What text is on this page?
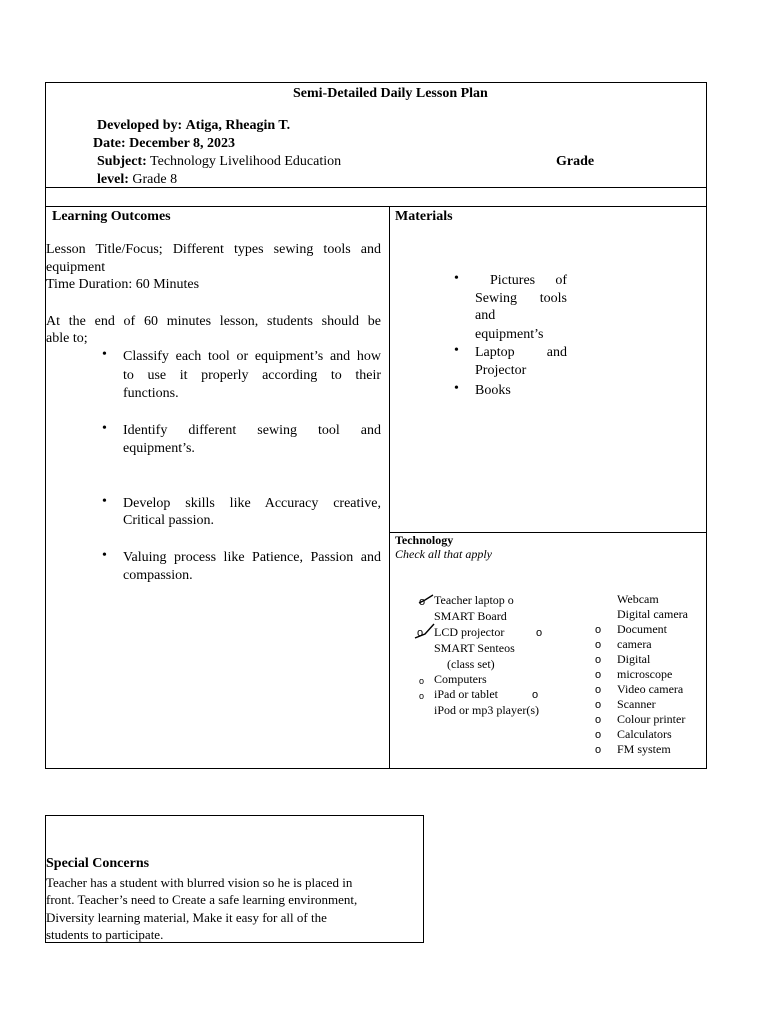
Semi-Detailed Daily Lesson Plan
Developed by: Atiga, Rheagin T.
Date: December 8, 2023
Subject: Technology Livelihood Education	Grade
level: Grade 8
Learning Outcomes
Lesson Title/Focus; Different types sewing tools and
equipment
Time Duration: 60 Minutes
At the end of 60 minutes lesson, students should be
able to;
• Classify each tool or equipment’s and how
to use it properly according to their
functions.
• Identify different sewing tool and
equipment’s.
• Develop skills like Accuracy creative,
Critical passion.
• Valuing process like Patience, Passion and
compassion.
Materials
• Pictures of
Sewing tools
and
equipment’s
• Laptop and
Projector
• Books
Technology
Check all that apply
o Teacher laptop o
SMART Board
o LCD projector	o
SMART Senteos
(class set)
o Computers
o iPad or tablet	o
iPod or mp3 player(s)
Webcam
Digital camera
o Document
o camera
o Digital
o microscope
o Video camera
o Scanner
o Colour printer
o Calculators
o FM system
Special Concerns
Teacher has a student with blurred vision so he is placed in
front. Teacher’s need to Create a safe learning environment,
Diversity learning material, Make it easy for all of the
students to participate.
